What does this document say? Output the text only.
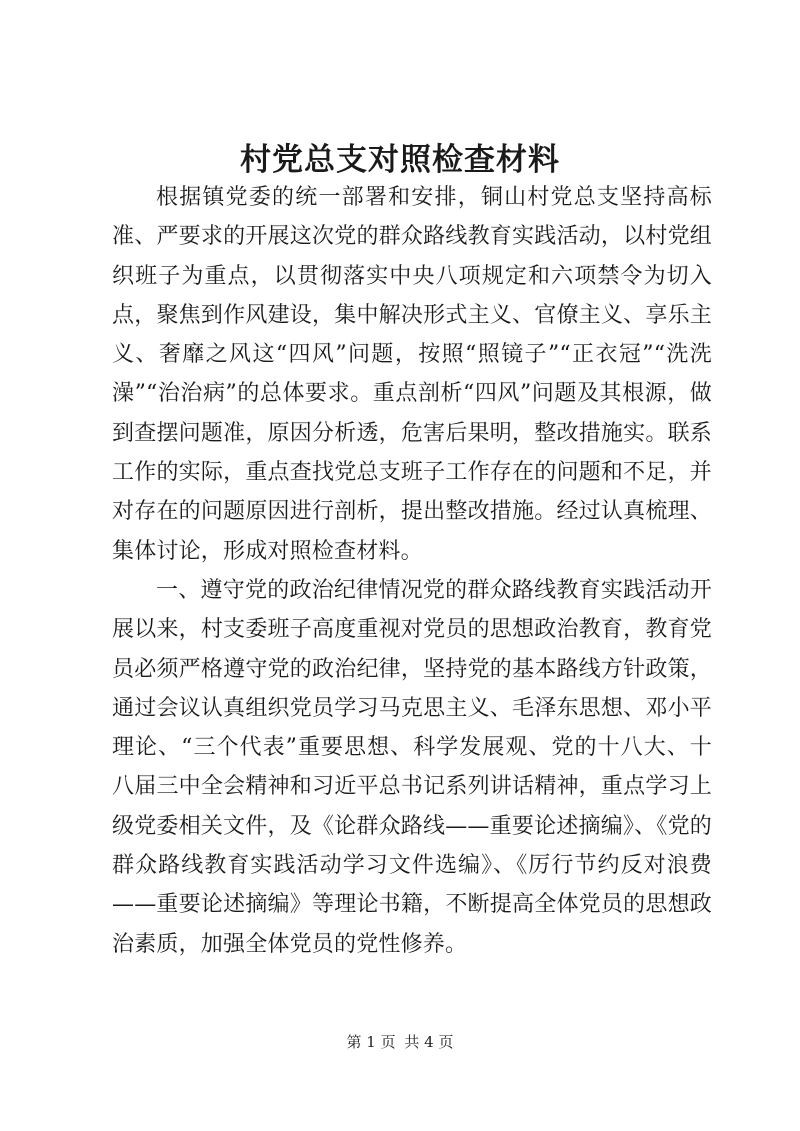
村党总支对照检查材料

根据镇党委的统一部署和安排，铜山村党总支坚持高标准、严要求的开展这次党的群众路线教育实践活动，以村党组织班子为重点，以贯彻落实中央八项规定和六项禁令为切入点，聚焦到作风建设，集中解决形式主义、官僚主义、享乐主义、奢靡之风这“四风”问题，按照“照镜子”“正衣冠”“洗洗澡”“治治病”的总体要求。重点剖析“四风”问题及其根源，做到查摆问题准，原因分析透，危害后果明，整改措施实。联系工作的实际，重点查找党总支班子工作存在的问题和不足，并对存在的问题原因进行剖析，提出整改措施。经过认真梳理、集体讨论，形成对照检查材料。

一、遵守党的政治纪律情况党的群众路线教育实践活动开展以来，村支委班子高度重视对党员的思想政治教育，教育党员必须严格遵守党的政治纪律，坚持党的基本路线方针政策，通过会议认真组织党员学习马克思主义、毛泽东思想、邓小平理论、“三个代表”重要思想、科学发展观、党的十八大、十八届三中全会精神和习近平总书记系列讲话精神，重点学习上级党委相关文件，及《论群众路线——重要论述摘编》、《党的群众路线教育实践活动学习文件选编》、《厉行节约反对浪费——重要论述摘编》等理论书籍，不断提高全体党员的思想政治素质，加强全体党员的党性修养。

第 1 页 共 4 页
